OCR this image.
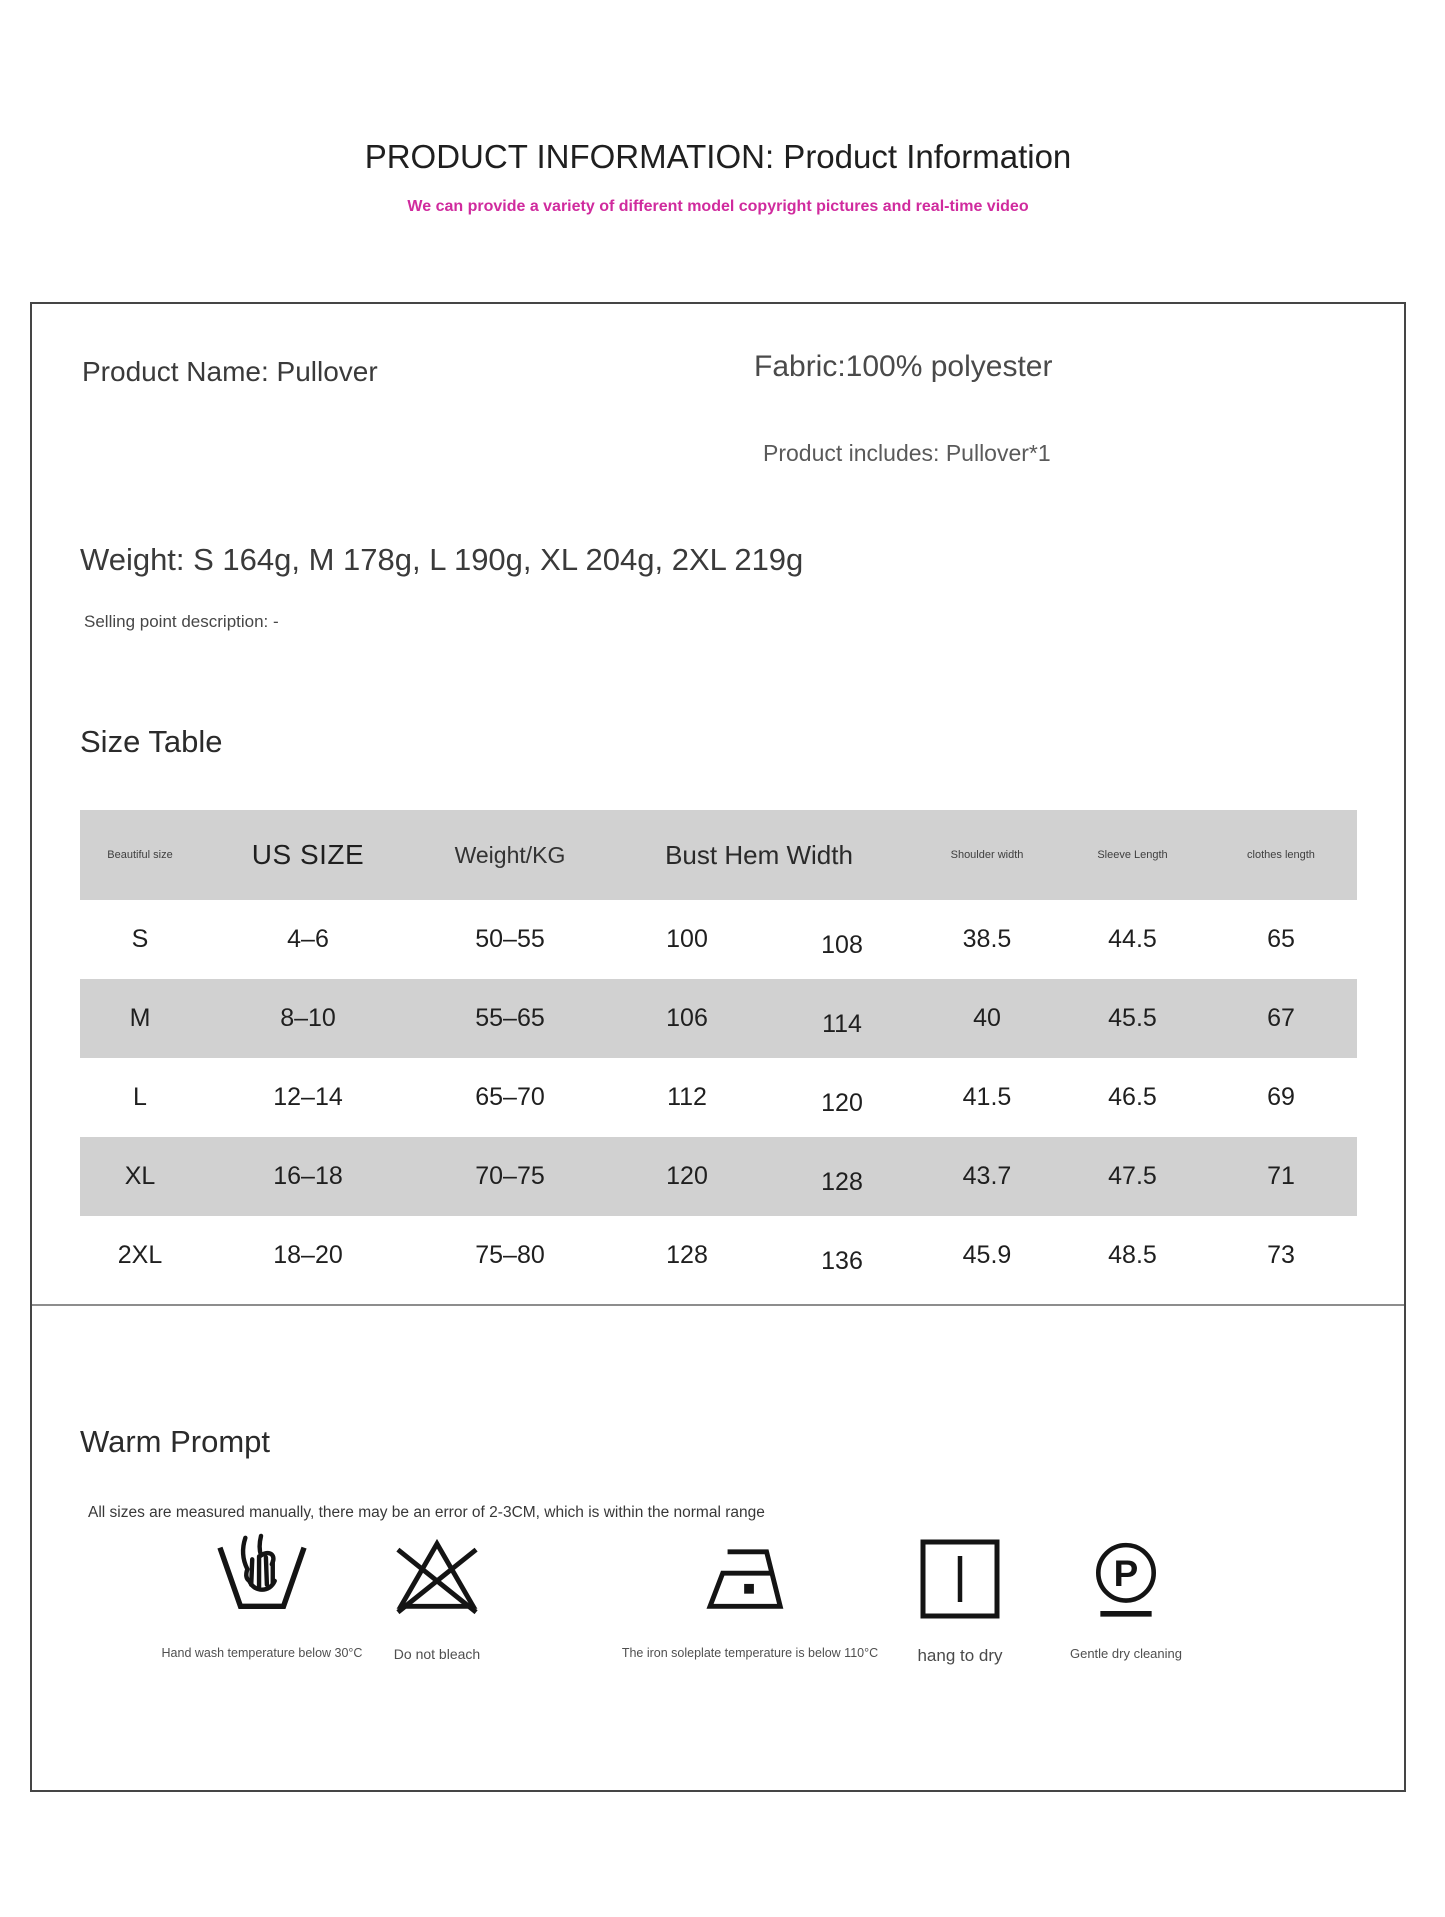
PRODUCT INFORMATION: Product Information
We can provide a variety of different model copyright pictures and real-time video
Product Name: Pullover	Fabric:100% polyester
Product includes: Pullover*1
Weight: S 164g, M 178g, L 190g, XL 204g, 2XL 219g
Selling point description: -
Size Table
Beautiful size	US SIZE	Weight/KG	Bust Hem Width	Shoulder width	Sleeve Length	clothes length
S	4–6	50–55	100	108	38.5	44.5	65
M	8–10	55–65	106	114	40	45.5	67
L	12–14	65–70	112	120	41.5	46.5	69
XL	16–18	70–75	120	128	43.7	47.5	71
2XL	18–20	75–80	128	136	45.9	48.5	73
Warm Prompt
All sizes are measured manually, there may be an error of 2-3CM, which is within the normal range
Hand wash temperature below 30°C Do not bleach	The iron soleplate temperature is below 110°C hang to dry
P
Gentle dry cleaning
